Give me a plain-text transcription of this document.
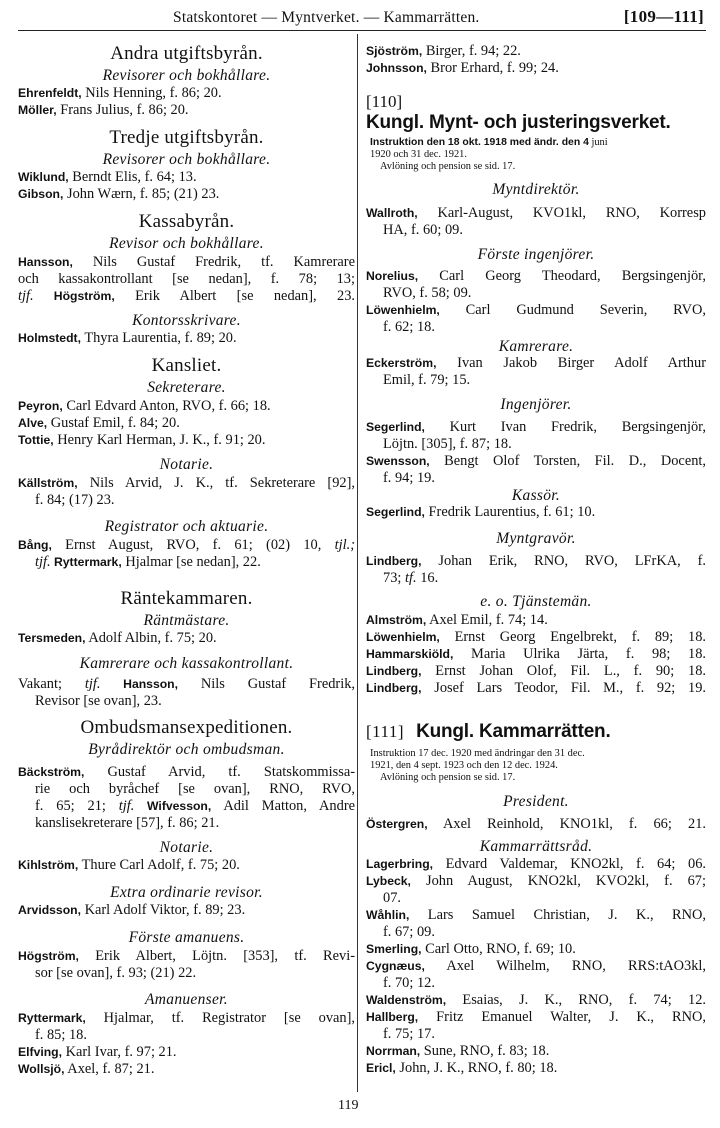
Statskontoret — Myntverket. — Kammarrätten.	[109—111]
Andra utgiftsbyrån.
Revisorer och bokhållare.
Ehrenfeldt, Nils Henning, f. 86; 20.
Möller, Frans Julius, f. 86; 20.
Tredje utgiftsbyrån.
Revisorer och bokhållare.
Wiklund, Berndt Elis, f. 64; 13.
Gibson, John Wærn, f. 85; (21) 23.
Kassabyrån.
Revisor och bokhållare.
Hansson, Nils Gustaf Fredrik, tf. Kamrerare
och kassakontrollant [se nedan], f. 78; 13;
tjf. Högström, Erik Albert [se nedan], 23.
Kontorsskrivare.
Holmstedt, Thyra Laurentia, f. 89; 20.
Kansliet.
Sekreterare.
Peyron, Carl Edvard Anton, RVO, f. 66; 18.
Alve, Gustaf Emil, f. 84; 20.
Tottie, Henry Karl Herman, J. K., f. 91; 20.
Notarie.
Källström, Nils Arvid, J. K., tf. Sekreterare [92],
f. 84; (17) 23.
Registrator och aktuarie.
Bång, Ernst August, RVO, f. 61; (02) 10, tjl.;
tjf. Ryttermark, Hjalmar [se nedan], 22.
Räntekammaren.
Räntmästare.
Tersmeden, Adolf Albin, f. 75; 20.
Kamrerare och kassakontrollant.
Vakant; tjf. Hansson, Nils Gustaf Fredrik,
Revisor [se ovan], 23.
Ombudsmansexpeditionen.
Byrådirektör och ombudsman.
Bäckström, Gustaf Arvid, tf. Statskommissa-
rie och byråchef [se ovan], RNO, RVO,
f. 65; 21; tjf. Wifvesson, Adil Matton, Andre
kanslisekreterare [57], f. 86; 21.
Notarie.
Kihlström, Thure Carl Adolf, f. 75; 20.
Extra ordinarie revisor.
Arvidsson, Karl Adolf Viktor, f. 89; 23.
Förste amanuens.
Högström, Erik Albert, Löjtn. [353], tf. Revi-
sor [se ovan], f. 93; (21) 22.
Amanuenser.
Ryttermark, Hjalmar, tf. Registrator [se ovan],
f. 85; 18.
Elfving, Karl Ivar, f. 97; 21.
Wollsjö, Axel, f. 87; 21.
Sjöström, Birger, f. 94; 22.
Johnsson, Bror Erhard, f. 99; 24.
[110]
Kungl. Mynt- och justeringsverket.
Instruktion den 18 okt. 1918 med ändr. den 4 juni
1920 och 31 dec. 1921.
Avlöning och pension se sid. 17.
Myntdirektör.
Wallroth, Karl-August, KVO1kl, RNO, Korresp
HA, f. 60; 09.
Förste ingenjörer.
Norelius, Carl Georg Theodard, Bergsingenjör,
RVO, f. 58; 09.
Löwenhielm, Carl Gudmund Severin, RVO,
f. 62; 18.
Kamrerare.
Eckerström, Ivan Jakob Birger Adolf Arthur
Emil, f. 79; 15.
Ingenjörer.
Segerlind, Kurt Ivan Fredrik, Bergsingenjör,
Löjtn. [305], f. 87; 18.
Swensson, Bengt Olof Torsten, Fil. D., Docent,
f. 94; 19.
Kassör.
Segerlind, Fredrik Laurentius, f. 61; 10.
Myntgravör.
Lindberg, Johan Erik, RNO, RVO, LFrKA, f.
73; tf. 16.
e. o. Tjänstemän.
Almström, Axel Emil, f. 74; 14.
Löwenhielm, Ernst Georg Engelbrekt, f. 89; 18.
Hammarskiöld, Maria Ulrika Järta, f. 98; 18.
Lindberg, Ernst Johan Olof, Fil. L., f. 90; 18.
Lindberg, Josef Lars Teodor, Fil. M., f. 92; 19.
[111] Kungl. Kammarrätten.
Instruktion 17 dec. 1920 med ändringar den 31 dec.
1921, den 4 sept. 1923 och den 12 dec. 1924.
Avlöning och pension se sid. 17.
President.
Östergren, Axel Reinhold, KNO1kl, f. 66; 21.
Kammarrättsråd.
Lagerbring, Edvard Valdemar, KNO2kl, f. 64; 06.
Lybeck, John August, KNO2kl, KVO2kl, f. 67;
07.
Wåhlin, Lars Samuel Christian, J. K., RNO,
f. 67; 09.
Smerling, Carl Otto, RNO, f. 69; 10.
Cygnæus, Axel Wilhelm, RNO, RRS:tAO3kl,
f. 70; 12.
Waldenström, Esaias, J. K., RNO, f. 74; 12.
Hallberg, Fritz Emanuel Walter, J. K., RNO,
f. 75; 17.
Norrman, Sune, RNO, f. 83; 18.
Ericl, John, J. K., RNO, f. 80; 18.
119
